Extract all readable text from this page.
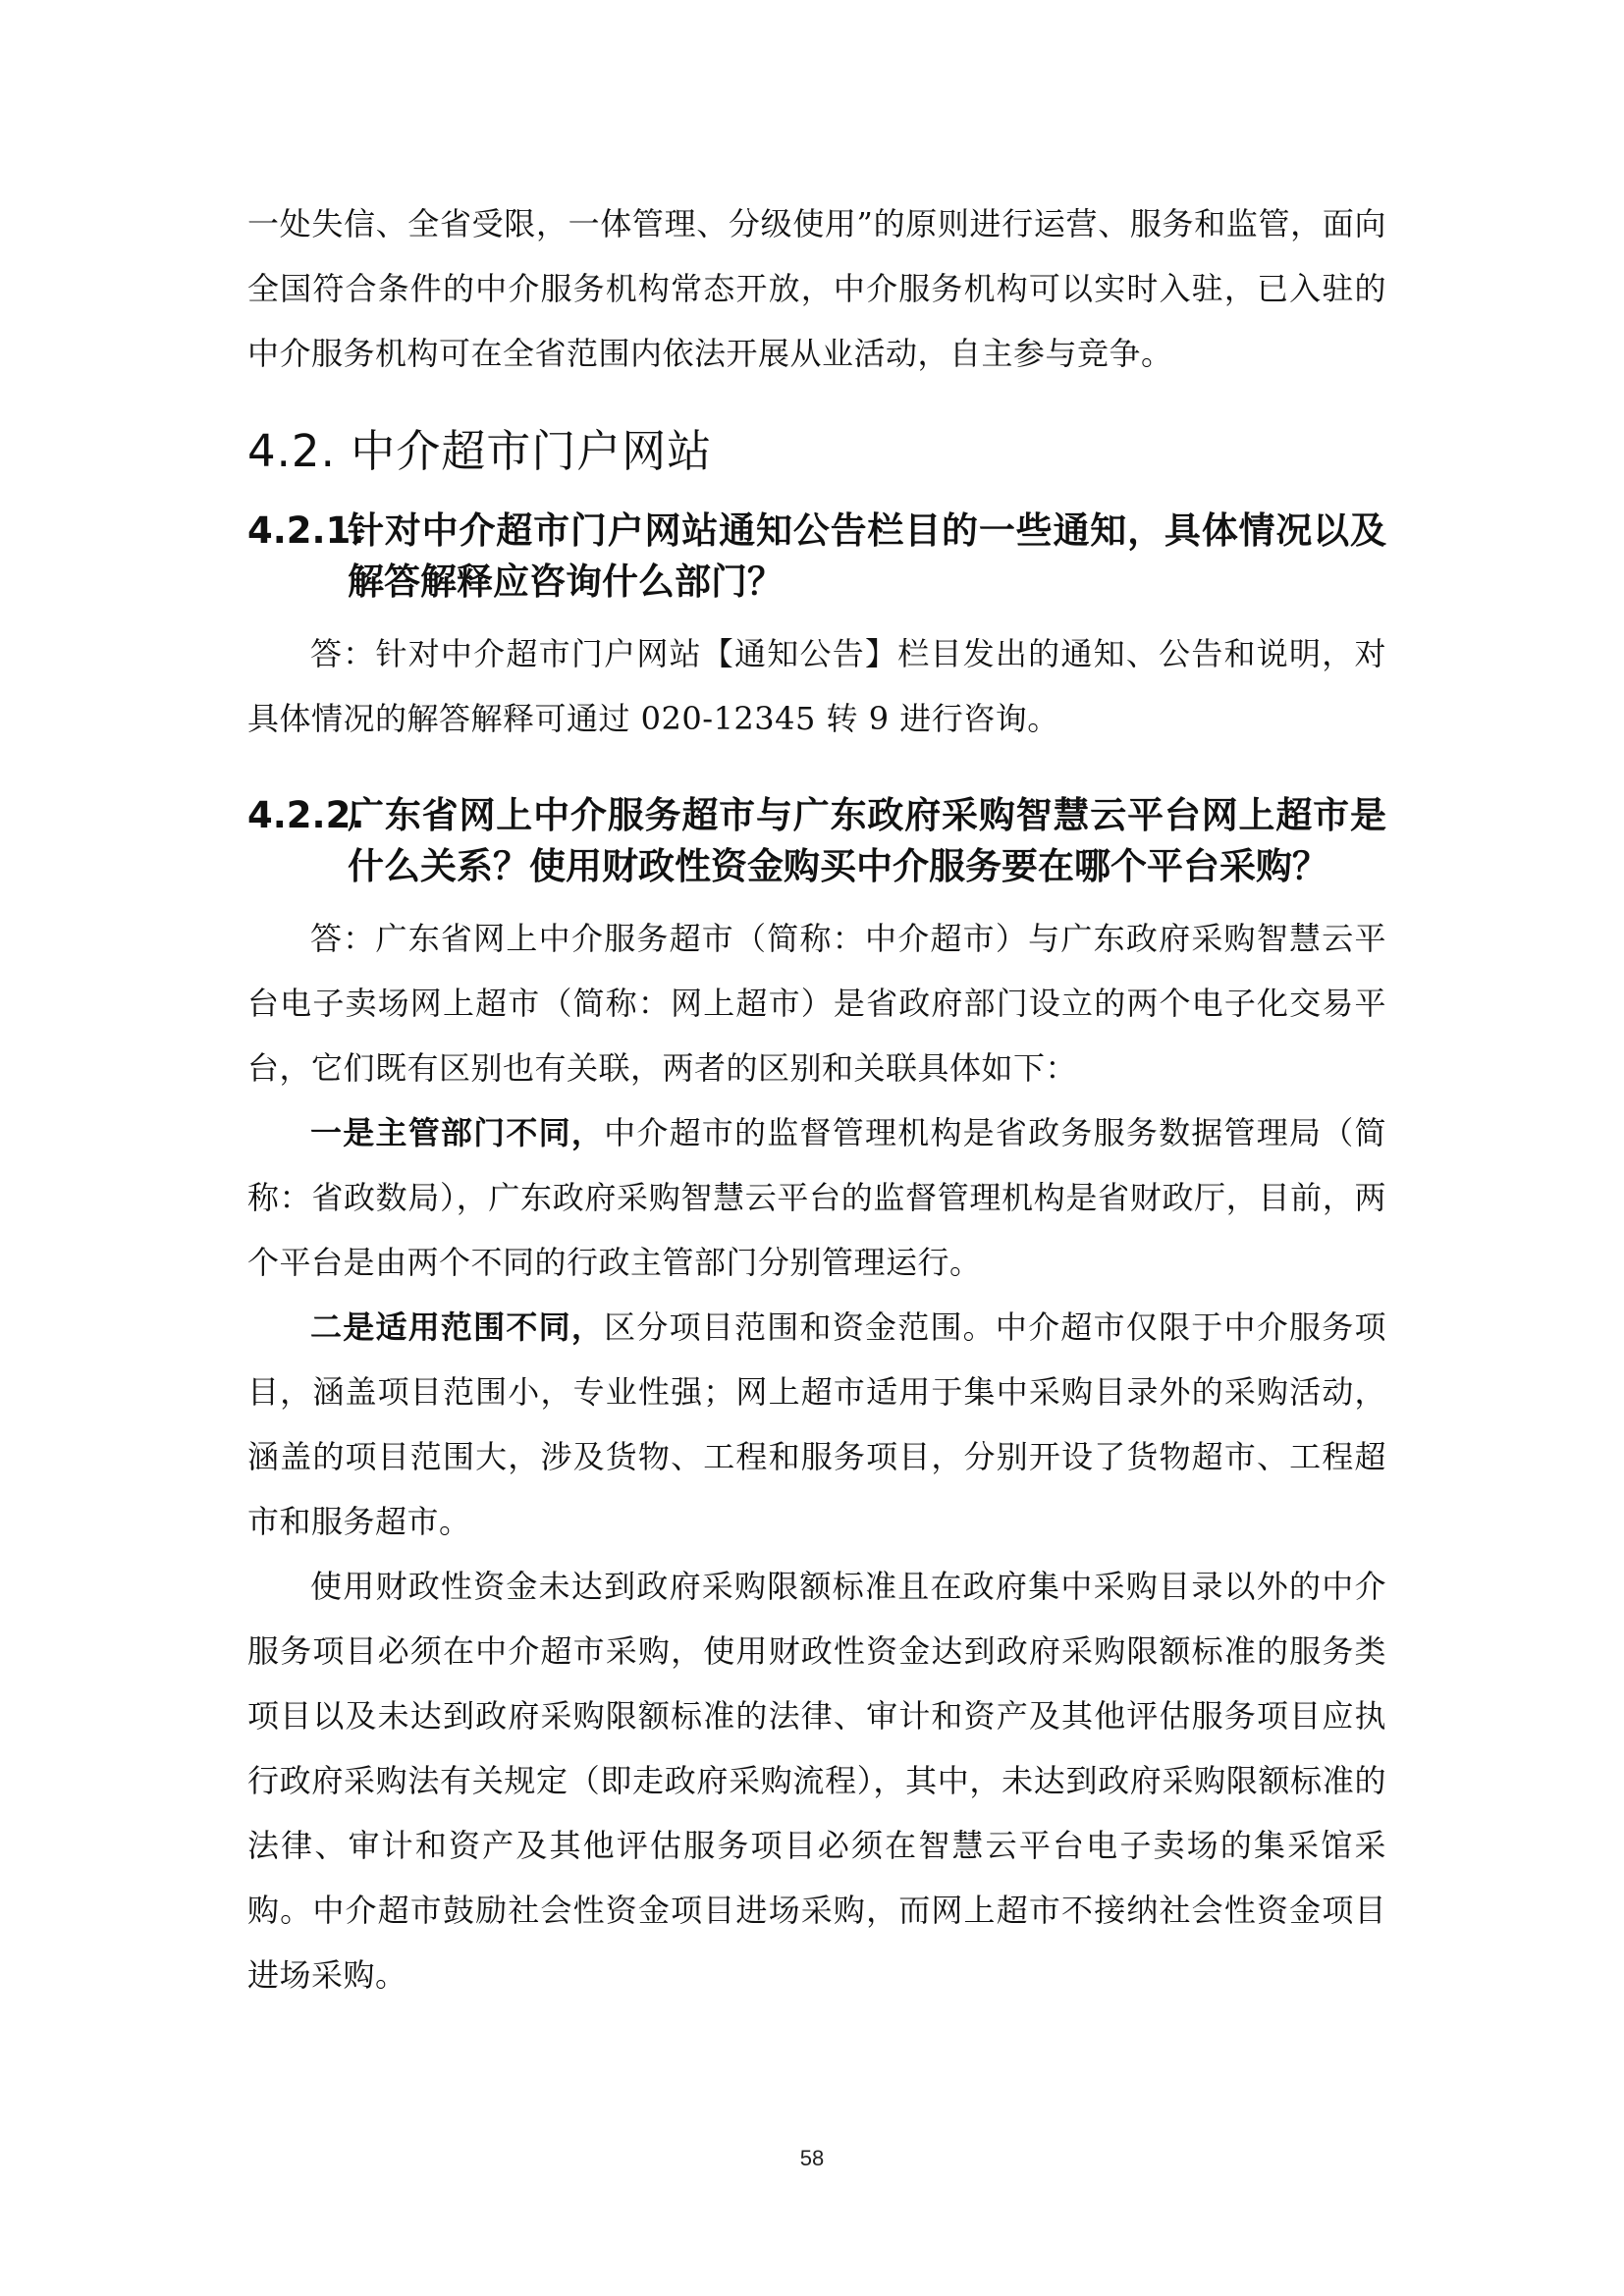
一处失信、全省受限，一体管理、分级使用”的原则进行运营、服务和监管，面向全国符合条件的中介服务机构常态开放，中介服务机构可以实时入驻，已入驻的中介服务机构可在全省范围内依法开展从业活动，自主参与竞争。

4.2. 中介超市门户网站
4.2.1.
针对中介超市门户网站通知公告栏目的一些通知，具体情况以及解答解释应咨询什么部门？

答：针对中介超市门户网站【通知公告】栏目发出的通知、公告和说明，对具体情况的解答解释可通过 020-12345 转 9 进行咨询。

4.2.2.
广东省网上中介服务超市与广东政府采购智慧云平台网上超市是什么关系？使用财政性资金购买中介服务要在哪个平台采购？

答：广东省网上中介服务超市（简称：中介超市）与广东政府采购智慧云平台电子卖场网上超市（简称：网上超市）是省政府部门设立的两个电子化交易平台，它们既有区别也有关联，两者的区别和关联具体如下：

一是主管部门不同，中介超市的监督管理机构是省政务服务数据管理局（简称：省政数局），广东政府采购智慧云平台的监督管理机构是省财政厅，目前，两个平台是由两个不同的行政主管部门分别管理运行。

二是适用范围不同，区分项目范围和资金范围。中介超市仅限于中介服务项目，涵盖项目范围小，专业性强；网上超市适用于集中采购目录外的采购活动，涵盖的项目范围大，涉及货物、工程和服务项目，分别开设了货物超市、工程超市和服务超市。

使用财政性资金未达到政府采购限额标准且在政府集中采购目录以外的中介服务项目必须在中介超市采购，使用财政性资金达到政府采购限额标准的服务类项目以及未达到政府采购限额标准的法律、审计和资产及其他评估服务项目应执行政府采购法有关规定（即走政府采购流程），其中，未达到政府采购限额标准的法律、审计和资产及其他评估服务项目必须在智慧云平台电子卖场的集采馆采购。中介超市鼓励社会性资金项目进场采购，而网上超市不接纳社会性资金项目进场采购。

58
